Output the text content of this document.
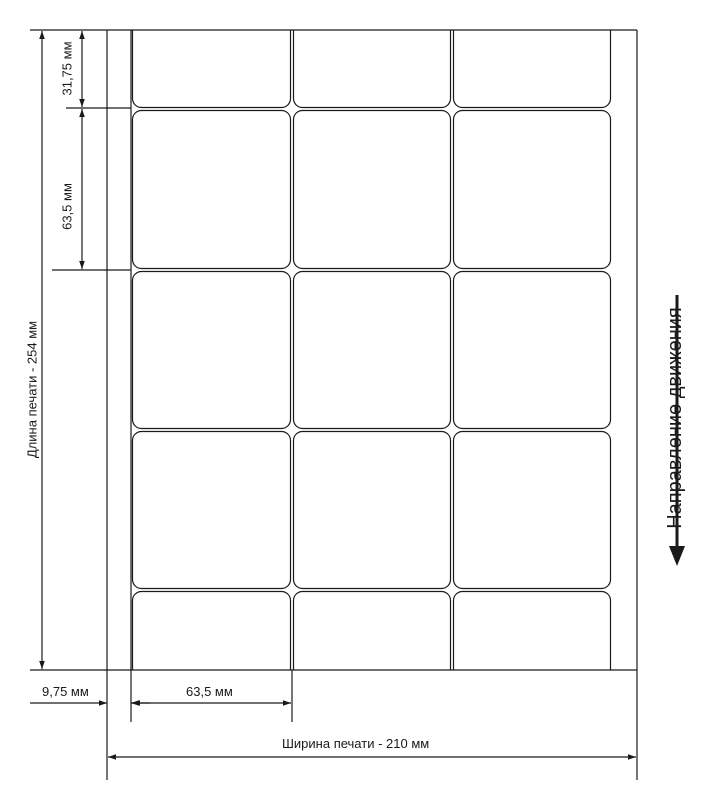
31,75 мм
63,5 мм
Длина печати - 254 мм
9,75 мм	63,5 мм
Ширина печати - 210 мм
Направление движения
